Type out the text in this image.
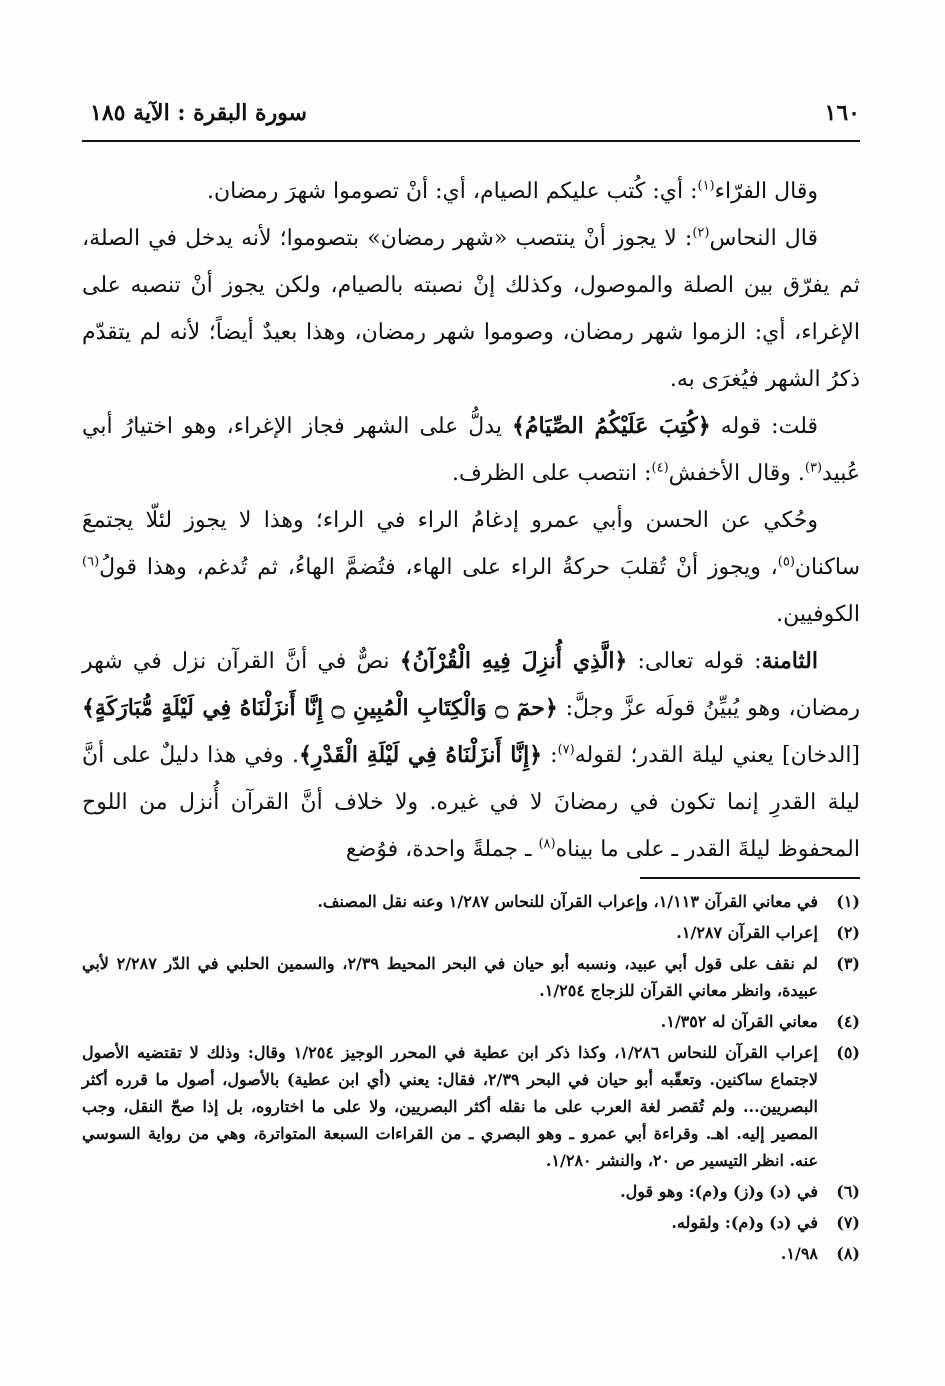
١٦٠
سورة البقرة : الآية ١٨٥

وقال الفرّاء$^{(١)}$: أي: كُتب عليكم الصيام، أي: أنْ تصوموا شهرَ رمضان.

قال النحاس$^{(٢)}$: لا يجوز أنْ ينتصب «شهر رمضان» بتصوموا؛ لأنه يدخل في الصلة، ثم يفرّق بين الصلة والموصول، وكذلك إنْ نصبته بالصيام، ولكن يجوز أنْ تنصبه على الإغراء، أي: الزموا شهر رمضان، وصوموا شهر رمضان، وهذا بعيدٌ أيضاً؛ لأنه لم يتقدّم ذكرُ الشهر فيُغرَى به.

قلت: قوله ﴿كُتِبَ عَلَيْكُمُ الصِّيَامُ﴾ يدلُّ على الشهر فجاز الإغراء، وهو اختيارُ أبي عُبيد$^{(٣)}$. وقال الأخفش$^{(٤)}$: انتصب على الظرف.

وحُكي عن الحسن وأبي عمرو إدغامُ الراء في الراء؛ وهذا لا يجوز لئلّا يجتمعَ ساكنان$^{(٥)}$، ويجوز أنْ تُقلبَ حركةُ الراء على الهاء، فتُضمَّ الهاءُ، ثم تُدغم، وهذا قولُ$^{(٦)}$ الكوفيين.

الثامنة: قوله تعالى: ﴿الَّذِي أُنزِلَ فِيهِ الْقُرْآنُ﴾ نصٌّ في أنَّ القرآن نزل في شهر رمضان، وهو يُبيِّنُ قولَه عزَّ وجلَّ: ﴿حمٓ ۝ وَالْكِتَابِ الْمُبِينِ ۝ إِنَّا أَنزَلْنَاهُ فِي لَيْلَةٍ مُّبَارَكَةٍ﴾ [الدخان] يعني ليلة القدر؛ لقوله$^{(٧)}$: ﴿إِنَّا أَنزَلْنَاهُ فِي لَيْلَةِ الْقَدْرِ﴾. وفي هذا دليلٌ على أنَّ ليلة القدرِ إنما تكون في رمضانَ لا في غيره. ولا خلاف أنَّ القرآن أُنزل من اللوح المحفوظ ليلةَ القدر ـ على ما بيناه$^{(٨)}$ ـ جملةً واحدة، فوُضع

(١)
في معاني القرآن ١/١١٣، وإعراب القرآن للنحاس ١/٢٨٧ وعنه نقل المصنف.
(٢)
إعراب القرآن ١/٢٨٧.
(٣)
لم نقف على قول أبي عبيد، ونسبه أبو حيان في البحر المحيط ٢/٣٩، والسمين الحلبي في الدّر ٢/٢٨٧ لأبي عبيدة، وانظر معاني القرآن للزجاج ١/٢٥٤.
(٤)
معاني القرآن له ١/٣٥٢.
(٥)
إعراب القرآن للنحاس ١/٢٨٦، وكذا ذكر ابن عطية في المحرر الوجيز ١/٢٥٤ وقال: وذلك لا تقتضيه الأصول لاجتماع ساكنين. وتعقّبه أبو حيان في البحر ٢/٣٩، فقال: يعني (أي ابن عطية) بالأصول، أصول ما قرره أكثر البصريين... ولم تُقصر لغة العرب على ما نقله أكثر البصريين، ولا على ما اختاروه، بل إذا صحّ النقل، وجب المصير إليه. اهـ. وقراءة أبي عمرو ـ وهو البصري ـ من القراءات السبعة المتواترة، وهي من رواية السوسي عنه. انظر التيسير ص ٢٠، والنشر ١/٢٨٠.
(٦)
في (د) و(ز) و(م): وهو قول.
(٧)
في (د) و(م): ولقوله.
(٨)
١/٩٨.
